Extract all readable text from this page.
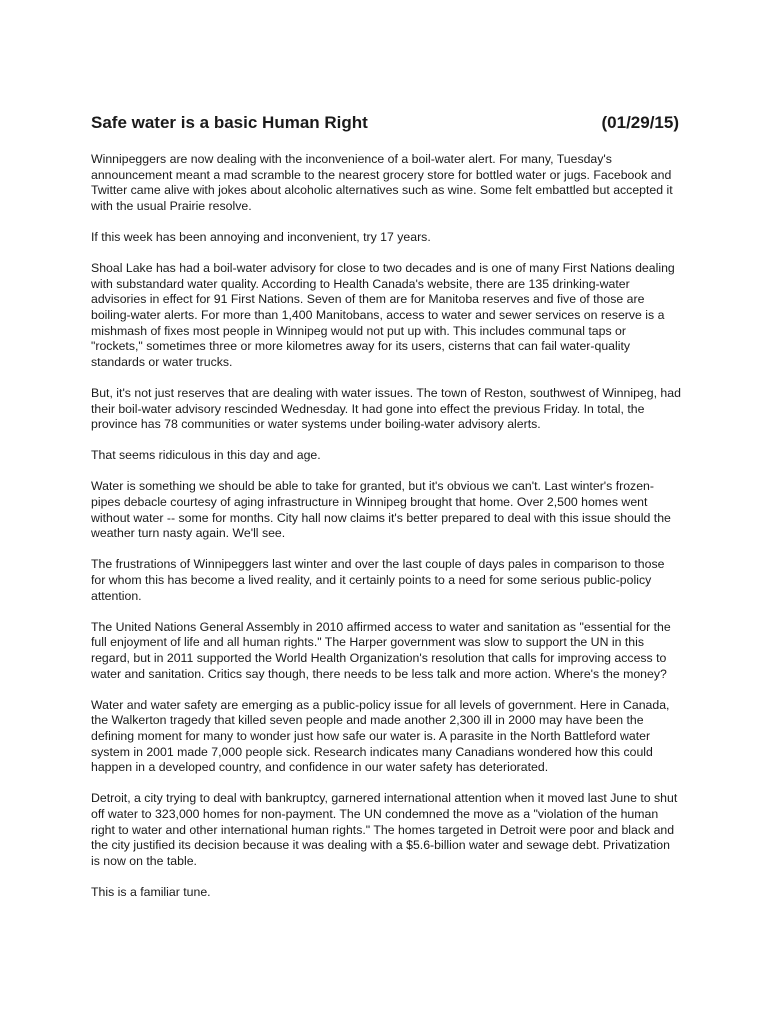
Safe water is a basic Human Right	(01/29/15)

Winnipeggers are now dealing with the inconvenience of a boil-water alert. For many, Tuesday's announcement meant a mad scramble to the nearest grocery store for bottled water or jugs. Facebook and Twitter came alive with jokes about alcoholic alternatives such as wine. Some felt embattled but accepted it with the usual Prairie resolve.

If this week has been annoying and inconvenient, try 17 years.

Shoal Lake has had a boil-water advisory for close to two decades and is one of many First Nations dealing with substandard water quality. According to Health Canada's website, there are 135 drinking-water advisories in effect for 91 First Nations. Seven of them are for Manitoba reserves and five of those are boiling-water alerts. For more than 1,400 Manitobans, access to water and sewer services on reserve is a mishmash of fixes most people in Winnipeg would not put up with. This includes communal taps or "rockets," sometimes three or more kilometres away for its users, cisterns that can fail water-quality standards or water trucks.

But, it's not just reserves that are dealing with water issues. The town of Reston, southwest of Winnipeg, had their boil-water advisory rescinded Wednesday. It had gone into effect the previous Friday. In total, the province has 78 communities or water systems under boiling-water advisory alerts.

That seems ridiculous in this day and age.

Water is something we should be able to take for granted, but it's obvious we can't. Last winter's frozen-pipes debacle courtesy of aging infrastructure in Winnipeg brought that home. Over 2,500 homes went without water -- some for months. City hall now claims it's better prepared to deal with this issue should the weather turn nasty again. We'll see.

The frustrations of Winnipeggers last winter and over the last couple of days pales in comparison to those for whom this has become a lived reality, and it certainly points to a need for some serious public-policy attention.

The United Nations General Assembly in 2010 affirmed access to water and sanitation as "essential for the full enjoyment of life and all human rights." The Harper government was slow to support the UN in this regard, but in 2011 supported the World Health Organization's resolution that calls for improving access to water and sanitation. Critics say though, there needs to be less talk and more action. Where's the money?

Water and water safety are emerging as a public-policy issue for all levels of government. Here in Canada, the Walkerton tragedy that killed seven people and made another 2,300 ill in 2000 may have been the defining moment for many to wonder just how safe our water is. A parasite in the North Battleford water system in 2001 made 7,000 people sick. Research indicates many Canadians wondered how this could happen in a developed country, and confidence in our water safety has deteriorated.

Detroit, a city trying to deal with bankruptcy, garnered international attention when it moved last June to shut off water to 323,000 homes for non-payment. The UN condemned the move as a "violation of the human right to water and other international human rights." The homes targeted in Detroit were poor and black and the city justified its decision because it was dealing with a $5.6-billion water and sewage debt. Privatization is now on the table.

This is a familiar tune.
